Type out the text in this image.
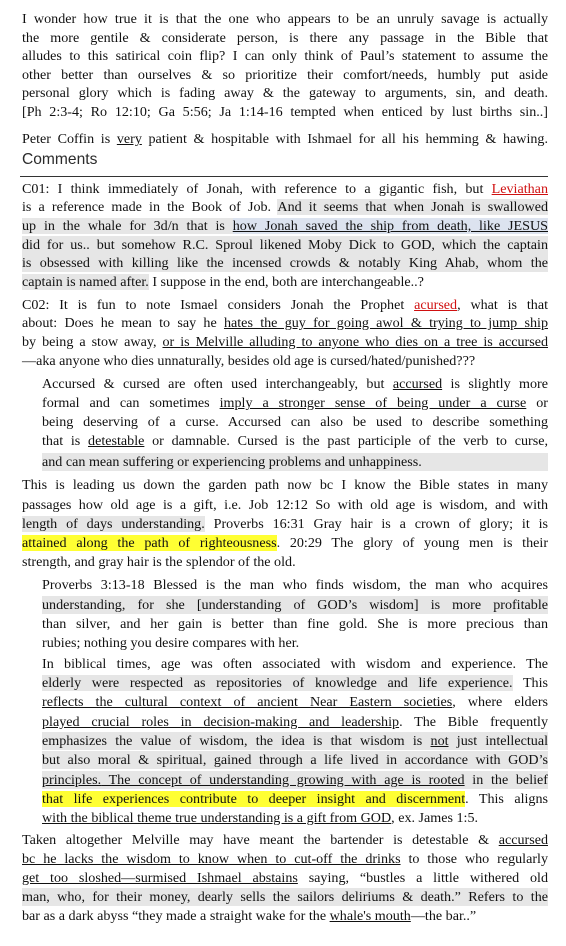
I wonder how true it is that the one who appears to be an unruly savage is actually
the more gentile & considerate person, is there any passage in the Bible that
alludes to this satirical coin flip? I can only think of Paul’s statement to assume the
other better than ourselves & so prioritize their comfort/needs, humbly put aside
personal glory which is fading away & the gateway to arguments, sin, and death.
[Ph 2:3-4; Ro 12:10; Ga 5:56; Ja 1:14-16 tempted when enticed by lust births sin..]
Peter Coffin is very patient & hospitable with Ishmael for all his hemming & hawing.
Comments
C01: I think immediately of Jonah, with reference to a gigantic fish, but Leviathan
is a reference made in the Book of Job. And it seems that when Jonah is swallowed
up in the whale for 3d/n that is how Jonah saved the ship from death, like JESUS
did for us.. but somehow R.C. Sproul likened Moby Dick to GOD, which the captain
is obsessed with killing like the incensed crowds & notably King Ahab, whom the
captain is named after. I suppose in the end, both are interchangeable..?
C02: It is fun to note Ismael considers Jonah the Prophet acursed, what is that
about: Does he mean to say he hates the guy for going awol & trying to jump ship
by being a stow away, or is Melville alluding to anyone who dies on a tree is accursed
—aka anyone who dies unnaturally, besides old age is cursed/hated/punished???
Accursed & cursed are often used interchangeably, but accursed is slightly more
formal and can sometimes imply a stronger sense of being under a curse or
being deserving of a curse. Accursed can also be used to describe something
that is detestable or damnable. Cursed is the past participle of the verb to curse,
and can mean suffering or experiencing problems and unhappiness.
This is leading us down the garden path now bc I know the Bible states in many
passages how old age is a gift, i.e. Job 12:12 So with old age is wisdom, and with
length of days understanding. Proverbs 16:31 Gray hair is a crown of glory; it is
attained along the path of righteousness. 20:29 The glory of young men is their
strength, and gray hair is the splendor of the old.
Proverbs 3:13-18 Blessed is the man who finds wisdom, the man who acquires
understanding, for she [understanding of GOD’s wisdom] is more profitable
than silver, and her gain is better than fine gold. She is more precious than
rubies; nothing you desire compares with her.
In biblical times, age was often associated with wisdom and experience. The
elderly were respected as repositories of knowledge and life experience. This
reflects the cultural context of ancient Near Eastern societies, where elders
played crucial roles in decision-making and leadership. The Bible frequently
emphasizes the value of wisdom, the idea is that wisdom is not just intellectual
but also moral & spiritual, gained through a life lived in accordance with GOD’s
principles. The concept of understanding growing with age is rooted in the belief
that life experiences contribute to deeper insight and discernment. This aligns
with the biblical theme true understanding is a gift from GOD, ex. James 1:5.
Taken altogether Melville may have meant the bartender is detestable & accursed
bc he lacks the wisdom to know when to cut-off the drinks to those who regularly
get too sloshed—surmised Ishmael abstains saying, “bustles a little withered old
man, who, for their money, dearly sells the sailors deliriums & death.” Refers to the
bar as a dark abyss “they made a straight wake for the whale's mouth—the bar..”
